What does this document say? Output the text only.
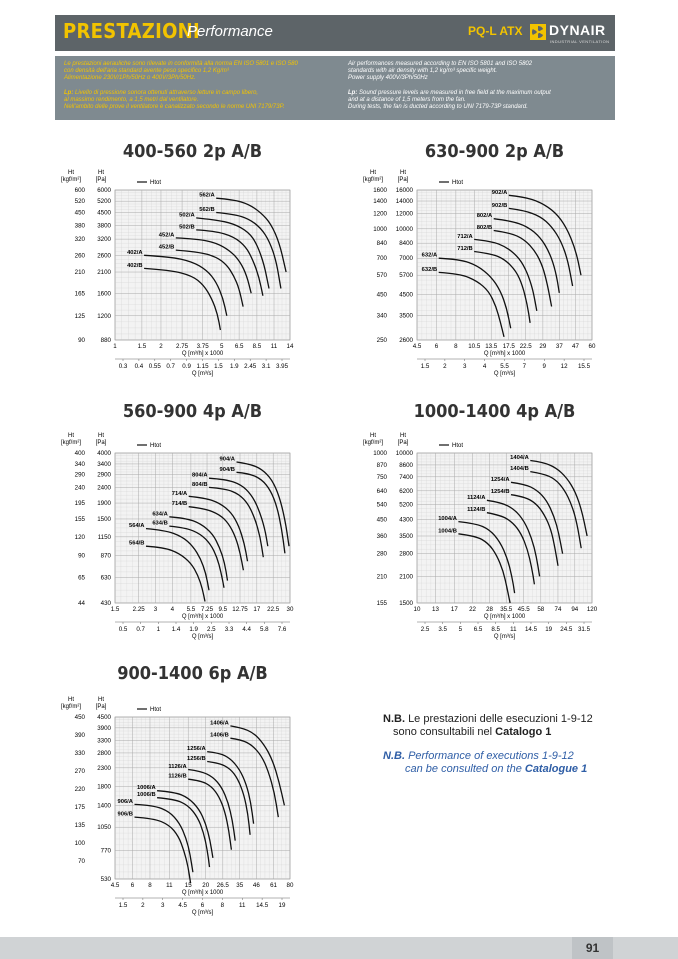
PRESTAZIONI
Performance	PQ-L ATX DYNAIR
INDUSTRIAL VENTILATION
Le prestazioni aerauliche sono rilevate in conformità alla norma EN ISO 5801 e ISO 580
con densità dell'aria standard avente peso specifico 1,2 Kg/m³
Alimentazione 230V/1Ph/50Hz o 400V/3Ph/50Hz.

Lp: Livello di pressione sonora ottenuti attraverso letture in campo libero,
al massimo rendimento, a 1,5 metri dal ventilatore.
Nell'ambito delle prove il ventilatore è canalizzato secondo le norme UNI 7179/73P.
Air performances measured according to EN ISO 5801 and ISO 5802
standards with air density with 1,2 kg/m³ specific weight.
Power supply 400V/3Ph/50Hz

Lp: Sound pressure levels are measured in free field at the maximum output
and at a distance of 1,5 meters from the fan.
During tests, the fan is ducted according to UNI 7179-73P standard.
400-560 2p A/B
Ht
[kgf/m²]
Ht
[Pa]	Htot
1	1.5 2 2.75 3.75 5 6.5 8.5 11 14
6000
5200
4500
3800
3200
2600
2100
1600
1200
880
600
520
450
380
320
260
210
165
125
90
Q [m³/h] x 1000
0.3 0.4 0.55 0.7 0.9 1.15 1.5 1.9 2.45 3.1 3.95
Q [m³/s]
562/A
562/B
502/A
502/B
452/A
452/B
402/A
402/B
630-900 2p A/B
Ht
[kgf/m²]
Ht
[Pa]	Htot
4.5 6	8 10.5 13.5 17.5 22.5 29 37 47 60
16000
14000
12000
10000
8400
7000
5700
4500
3500
2600
1600
1400
1200
1000
840
700
570
450
340
250
Q [m³/h] x 1000
1.5 2	3	4 5.5 7	9 12 15.5
Q [m³/s]
902/A
902/B
802/A
802/B
712/A
712/B
632/A
632/B
560-900 4p A/B
Ht
[kgf/m²]
Ht
[Pa]	Htot
1.5 2.25 3 4 5.5 7.25 9.5 12.75 17 22.5 30
4000
3400
2900
2400
1900
1500
1150
870
630
430
400
340
290
240
195
155
120
90
65
44
Q [m³/h] x 1000
0.5 0.7 1 1.4 1.9 2.5 3.3 4.4 5.8 7.6
Q [m³/s]
904/A
904/B
804/A
804/B
714/A
714/B
634/A
634/B
564/A
564/B
1000-1400 4p A/B
Ht
[kgf/m²]
Ht
[Pa]	Htot
10 13 17 22 28 35.5 45.5 58 74 94 120
10000
8600
7400
6200
5200
4300
3500
2800
2100
1500
1000
870
750
640
540
450
360
280
210
155
Q [m³/h] x 1000
2.5 3.5 5 6.5 8.5 11 14.5 19 24.5 31.5
Q [m³/s]
1404/A
1404/B
1254/A
1254/B
1124/A
1124/B
1004/A
1004/B
900-1400 6p A/B
Ht
[kgf/m²]
Ht
[Pa]	Htot
4.5 6 8 11 15 20 26.5 35 46 61 80
4500
3900
3300
2800
2300
1800
1400
1050
770
530
450
390
330
270
220
175
135
100
70
Q [m³/h] x 1000
1.5 2	3 4.5 6	8 11 14.5 19
Q [m³/s]
1406/A
1406/B
1256/A
1256/B
1126/A
1126/B
1006/A
1006/B
906/A
906/B
N.B. Le prestazioni delle esecuzioni 1-9-12
sono consultabili nel Catalogo 1
N.B. Performance of executions 1-9-12
can be consulted on the Catalogue 1
91
